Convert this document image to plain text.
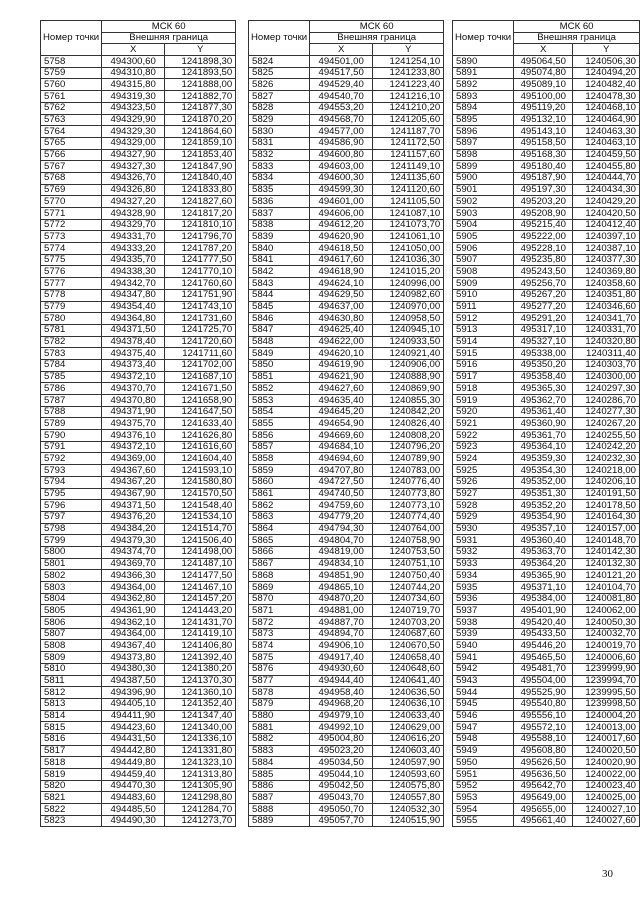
Номер точки	МСК 60	
	Внешняя граница	
	X	Y
5758	494300,60	1241898,30
5759	494310,80	1241893,50
5760	494315,80	1241888,00
5761	494319,30	1241882,70
5762	494323,50	1241877,30
5763	494329,90	1241870,20
5764	494329,30	1241864,60
5765	494329,00	1241859,10
5766	494327,90	1241853,40
5767	494327,30	1241847,90
5768	494326,70	1241840,40
5769	494326,80	1241833,80
5770	494327,20	1241827,60
5771	494328,90	1241817,20
5772	494329,70	1241810,10
5773	494331,70	1241796,70
5774	494333,20	1241787,20
5775	494335,70	1241777,50
5776	494338,30	1241770,10
5777	494342,70	1241760,60
5778	494347,80	1241751,90
5779	494354,40	1241743,10
5780	494364,80	1241731,60
5781	494371,50	1241725,70
5782	494378,40	1241720,60
5783	494375,40	1241711,60
5784	494373,40	1241702,00
5785	494372,10	1241687,10
5786	494370,70	1241671,50
5787	494370,80	1241658,90
5788	494371,90	1241647,50
5789	494375,70	1241633,40
5790	494376,10	1241626,80
5791	494372,10	1241616,60
5792	494369,00	1241604,40
5793	494367,60	1241593,10
5794	494367,20	1241580,80
5795	494367,90	1241570,50
5796	494371,50	1241548,40
5797	494376,20	1241534,10
5798	494384,20	1241514,70
5799	494379,30	1241506,40
5800	494374,70	1241498,00
5801	494369,70	1241487,10
5802	494366,30	1241477,50
5803	494364,00	1241467,10
5804	494362,80	1241457,20
5805	494361,90	1241443,20
5806	494362,10	1241431,70
5807	494364,00	1241419,10
5808	494367,40	1241406,80
5809	494373,80	1241392,40
5810	494380,30	1241380,20
5811	494387,50	1241370,30
5812	494396,90	1241360,10
5813	494405,10	1241352,40
5814	494411,90	1241347,40
5815	494423,60	1241340,00
5816	494431,50	1241336,10
5817	494442,80	1241331,80
5818	494449,80	1241323,10
5819	494459,40	1241313,80
5820	494470,30	1241305,90
5821	494483,60	1241298,80
5822	494485,50	1241284,70
5823	494490,30	1241273,70
Номер точки	МСК 60	
	Внешняя граница	
	X	Y
5824	494501,00	1241254,10
5825	494517,50	1241233,80
5826	494529,40	1241223,40
5827	494540,70	1241216,10
5828	494553,20	1241210,20
5829	494568,70	1241205,60
5830	494577,00	1241187,70
5831	494586,90	1241172,50
5832	494600,80	1241157,60
5833	494603,00	1241149,10
5834	494600,30	1241135,60
5835	494599,30	1241120,60
5836	494601,00	1241105,50
5837	494606,00	1241087,10
5838	494612,20	1241073,70
5839	494620,90	1241061,10
5840	494618,50	1241050,00
5841	494617,60	1241036,30
5842	494618,90	1241015,20
5843	494624,10	1240996,00
5844	494629,50	1240982,60
5845	494637,00	1240970,00
5846	494630,80	1240958,50
5847	494625,40	1240945,10
5848	494622,00	1240933,50
5849	494620,10	1240921,40
5850	494619,90	1240906,00
5851	494621,90	1240888,90
5852	494627,60	1240869,90
5853	494635,40	1240855,30
5854	494645,20	1240842,20
5855	494654,90	1240826,40
5856	494669,60	1240808,20
5857	494684,10	1240796,20
5858	494694,60	1240789,90
5859	494707,80	1240783,00
5860	494727,50	1240776,40
5861	494740,50	1240773,80
5862	494759,60	1240773,10
5863	494779,20	1240774,40
5864	494794,30	1240764,00
5865	494804,70	1240758,90
5866	494819,00	1240753,50
5867	494834,10	1240751,10
5868	494851,90	1240750,40
5869	494865,10	1240744,20
5870	494870,20	1240734,60
5871	494881,00	1240719,70
5872	494887,70	1240703,20
5873	494894,70	1240687,60
5874	494906,10	1240670,50
5875	494917,40	1240658,40
5876	494930,60	1240648,60
5877	494944,40	1240641,40
5878	494958,40	1240636,50
5879	494968,20	1240636,10
5880	494979,10	1240633,40
5881	494992,10	1240629,00
5882	495004,80	1240616,20
5883	495023,20	1240603,40
5884	495034,50	1240597,90
5885	495044,10	1240593,60
5886	495042,50	1240575,80
5887	495043,70	1240557,80
5888	495050,70	1240532,30
5889	495057,70	1240515,90
Номер точки	МСК 60	
	Внешняя граница	
	X	Y
5890	495064,50	1240506,30
5891	495074,80	1240494,20
5892	495089,10	1240482,40
5893	495100,00	1240478,30
5894	495119,20	1240468,10
5895	495132,10	1240464,90
5896	495143,10	1240463,30
5897	495158,50	1240463,10
5898	495168,30	1240459,50
5899	495180,40	1240455,80
5900	495187,90	1240444,70
5901	495197,30	1240434,30
5902	495203,20	1240429,20
5903	495208,90	1240420,50
5904	495215,40	1240412,40
5905	495222,00	1240397,10
5906	495228,10	1240387,10
5907	495235,80	1240377,30
5908	495243,50	1240369,80
5909	495256,70	1240358,60
5910	495267,20	1240351,80
5911	495277,20	1240346,60
5912	495291,20	1240341,70
5913	495317,10	1240331,70
5914	495327,10	1240320,80
5915	495338,00	1240311,40
5916	495350,20	1240303,70
5917	495358,40	1240300,00
5918	495365,30	1240297,30
5919	495362,70	1240286,70
5920	495361,40	1240277,30
5921	495360,90	1240267,20
5922	495361,70	1240255,50
5923	495364,10	1240242,20
5924	495359,30	1240232,30
5925	495354,30	1240218,00
5926	495352,00	1240206,10
5927	495351,30	1240191,50
5928	495352,20	1240178,50
5929	495354,90	1240164,30
5930	495357,10	1240157,00
5931	495360,40	1240148,70
5932	495363,70	1240142,30
5933	495364,20	1240132,30
5934	495365,90	1240121,20
5935	495371,10	1240104,70
5936	495384,00	1240081,80
5937	495401,90	1240062,00
5938	495420,40	1240050,30
5939	495433,50	1240032,70
5940	495446,20	1240019,70
5941	495465,50	1240006,60
5942	495481,70	1239999,90
5943	495504,00	1239994,70
5944	495525,90	1239995,50
5945	495540,80	1239998,50
5946	495556,10	1240004,20
5947	495572,10	1240013,00
5948	495588,10	1240017,60
5949	495608,80	1240020,50
5950	495626,50	1240020,90
5951	495636,50	1240022,00
5952	495642,70	1240023,40
5953	495649,00	1240025,00
5954	495655,00	1240027,10
5955	495661,40	1240027,60
30
